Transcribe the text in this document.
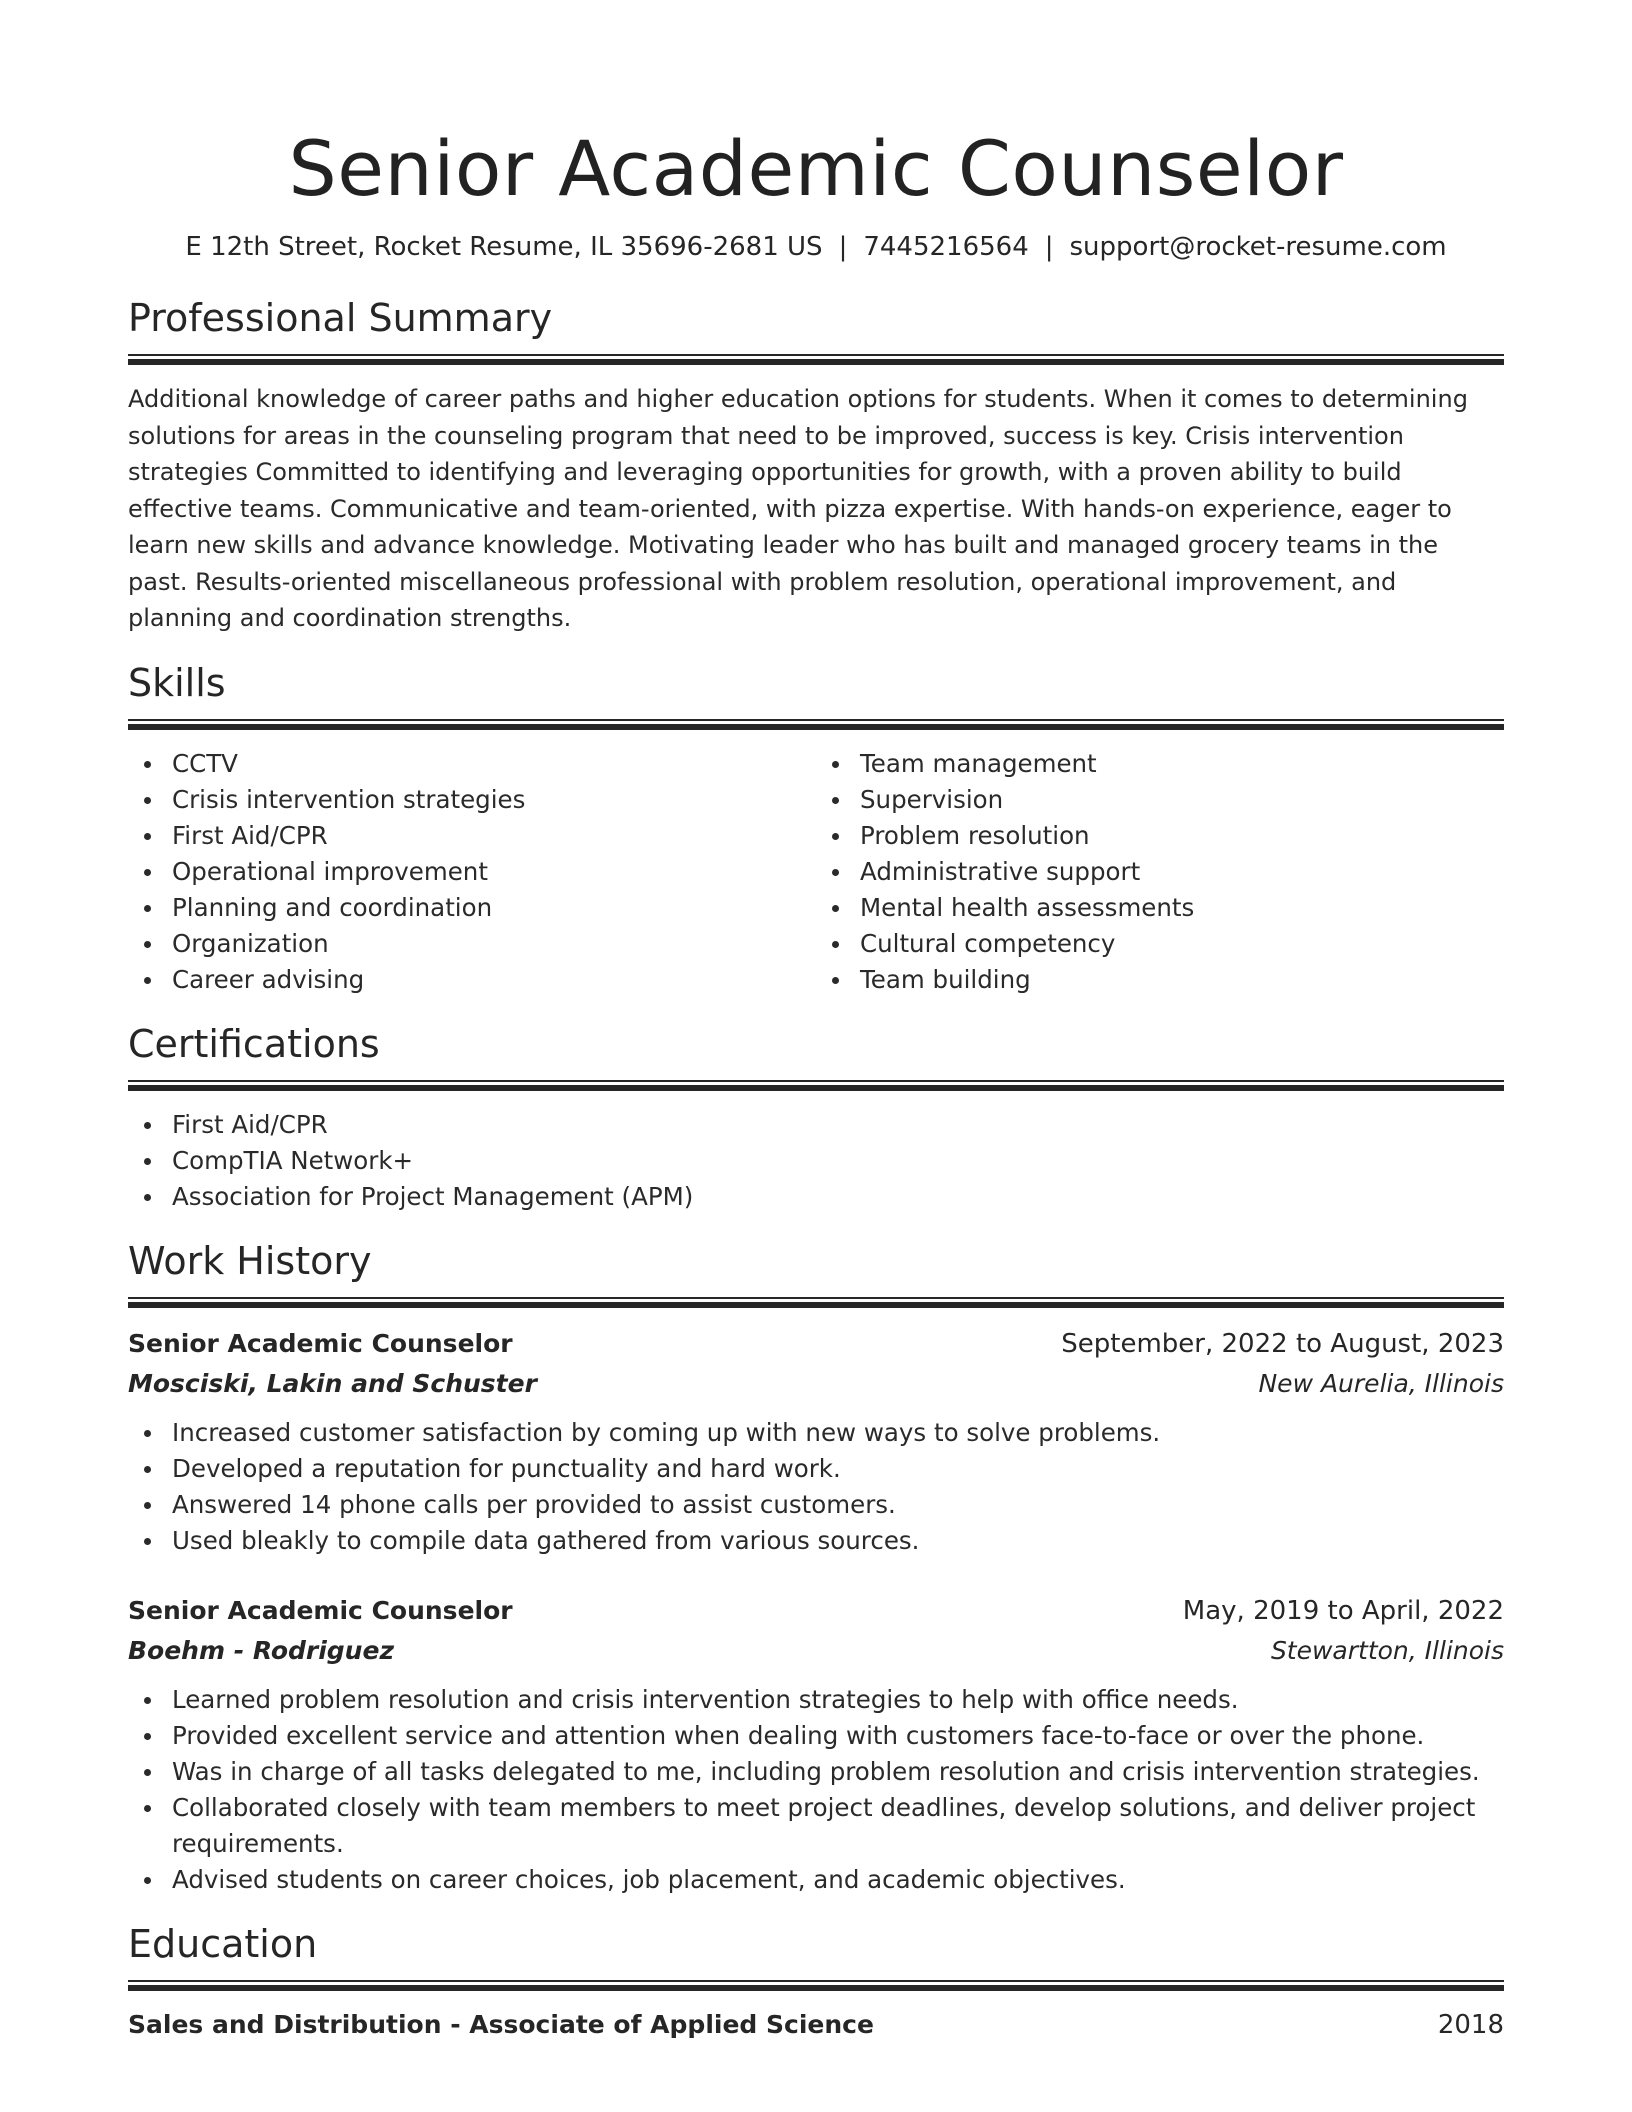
Senior Academic Counselor
E 12th Street, Rocket Resume, IL 35696-2681 US | 7445216564 | support@rocket-resume.com
Professional Summary

Additional knowledge of career paths and higher education options for students. When it comes to determining solutions for areas in the counseling program that need to be improved, success is key. Crisis intervention strategies Committed to identifying and leveraging opportunities for growth, with a proven ability to build effective teams. Communicative and team-oriented, with pizza expertise. With hands-on experience, eager to learn new skills and advance knowledge. Motivating leader who has built and managed grocery teams in the past. Results-oriented miscellaneous professional with problem resolution, operational improvement, and planning and coordination strengths.

Skills
CCTV
Crisis intervention strategies
First Aid/CPR
Operational improvement
Planning and coordination
Organization
Career advising
Team management
Supervision
Problem resolution
Administrative support
Mental health assessments
Cultural competency
Team building
Certifications
First Aid/CPR
CompTIA Network+
Association for Project Management (APM)
Work History
Senior Academic Counselor	September, 2022 to August, 2023
Mosciski, Lakin and Schuster	New Aurelia, Illinois
Increased customer satisfaction by coming up with new ways to solve problems.
Developed a reputation for punctuality and hard work.
Answered 14 phone calls per provided to assist customers.
Used bleakly to compile data gathered from various sources.
Senior Academic Counselor	May, 2019 to April, 2022
Boehm - Rodriguez	Stewartton, Illinois
Learned problem resolution and crisis intervention strategies to help with office needs.
Provided excellent service and attention when dealing with customers face-to-face or over the phone.
Was in charge of all tasks delegated to me, including problem resolution and crisis intervention strategies.
Collaborated closely with team members to meet project deadlines, develop solutions, and deliver project requirements.
Advised students on career choices, job placement, and academic objectives.
Education
Sales and Distribution - Associate of Applied Science	2018
